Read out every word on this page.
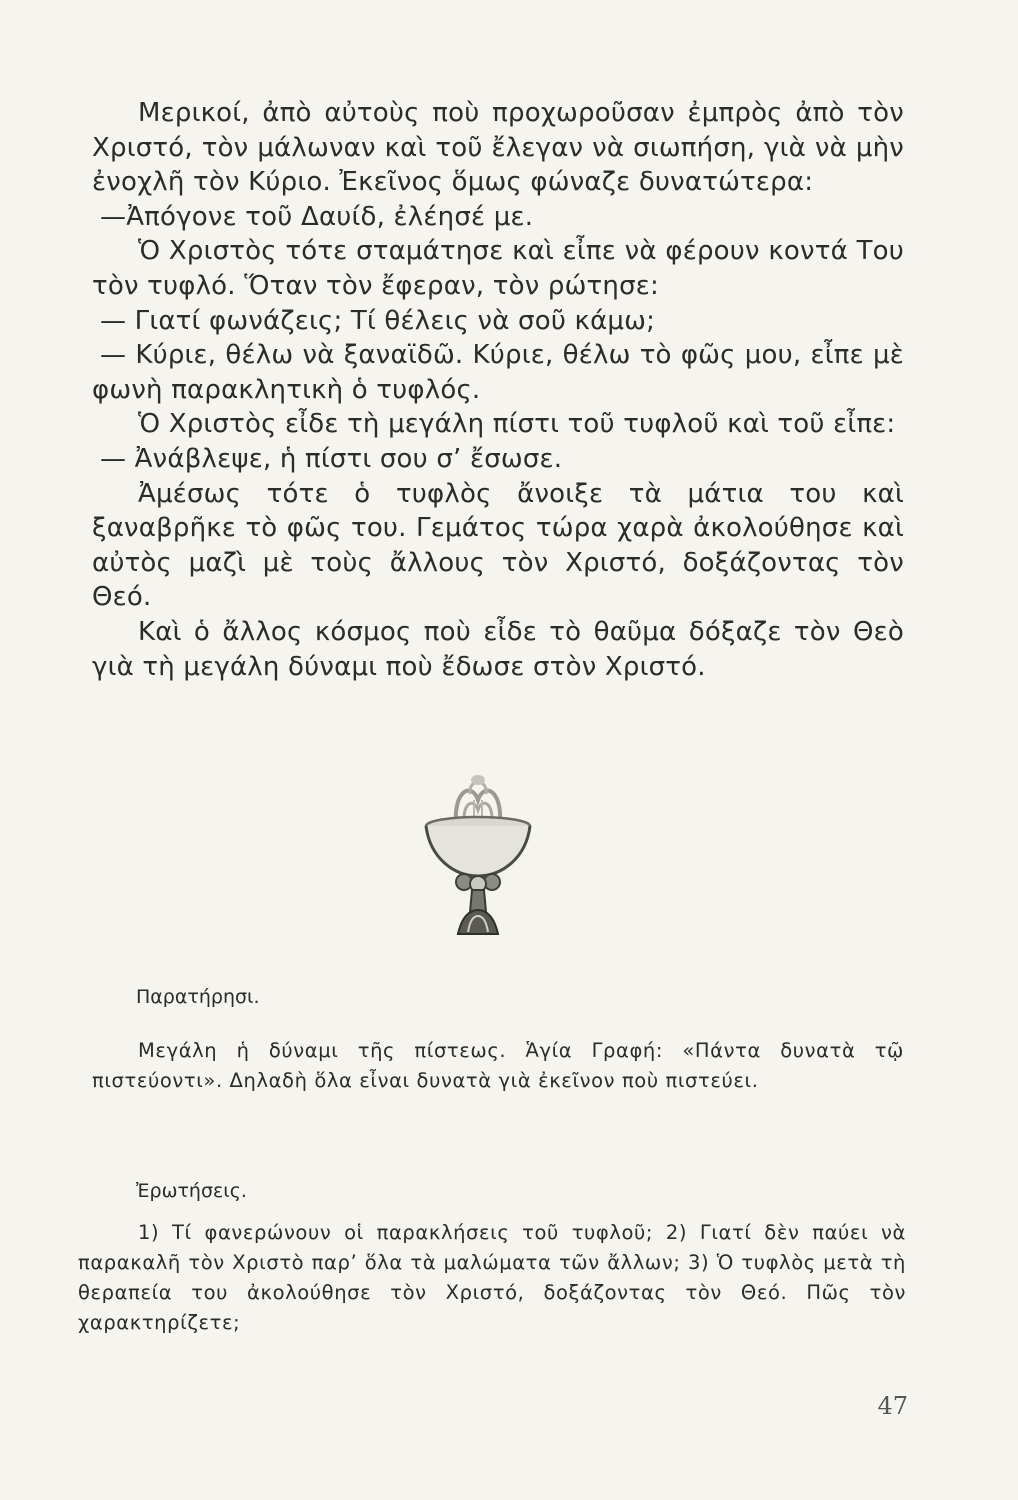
Μερικοί, ἀπὸ αὐτοὺς ποὺ προχωροῦσαν ἐμπρὸς ἀπὸ τὸν Χριστό, τὸν μάλωναν καὶ τοῦ ἔλεγαν νὰ σιωπήση, γιὰ νὰ μὴν ἐνοχλῆ τὸν Κύριο. Ἐκεῖνος ὅμως φώναζε δυνατώτερα:

—Ἀπόγονε τοῦ Δαυίδ, ἐλέησέ με.

Ὁ Χριστὸς τότε σταμάτησε καὶ εἶπε νὰ φέρουν κοντά Του τὸν τυφλό. Ὅταν τὸν ἔφεραν, τὸν ρώτησε:

— Γιατί φωνάζεις; Τί θέλεις νὰ σοῦ κάμω;

— Κύριε, θέλω νὰ ξαναϊδῶ. Κύριε, θέλω τὸ φῶς μου, εἶπε μὲ φωνὴ παρακλητικὴ ὁ τυφλός.

Ὁ Χριστὸς εἶδε τὴ μεγάλη πίστι τοῦ τυφλοῦ καὶ τοῦ εἶπε:

— Ἀνάβλεψε, ἡ πίστι σου σ’ ἔσωσε.

Ἀμέσως τότε ὁ τυφλὸς ἄνοιξε τὰ μάτια του καὶ ξαναβρῆκε τὸ φῶς του. Γεμάτος τώρα χαρὰ ἀκολούθησε καὶ αὐτὸς μαζὶ μὲ τοὺς ἄλλους τὸν Χριστό, δοξάζοντας τὸν Θεό.

Καὶ ὁ ἄλλος κόσμος ποὺ εἶδε τὸ θαῦμα δόξαζε τὸν Θεὸ γιὰ τὴ μεγάλη δύναμι ποὺ ἔδωσε στὸν Χριστό.

Παρατήρησι.

Μεγάλη ἡ δύναμι τῆς πίστεως. Ἁγία Γραφή: «Πάντα δυνατὰ τῷ πιστεύοντι». Δηλαδὴ ὅλα εἶναι δυνατὰ γιὰ ἐκεῖνον ποὺ πιστεύει.

Ἐρωτήσεις.

1) Τί φανερώνουν οἱ παρακλήσεις τοῦ τυφλοῦ; 2) Γιατί δὲν παύει νὰ παρακαλῆ τὸν Χριστὸ παρ’ ὅλα τὰ μαλώματα τῶν ἄλλων; 3) Ὁ τυφλὸς μετὰ τὴ θεραπεία του ἀκολούθησε τὸν Χριστό, δοξάζοντας τὸν Θεό. Πῶς τὸν χαρακτηρίζετε;

47
